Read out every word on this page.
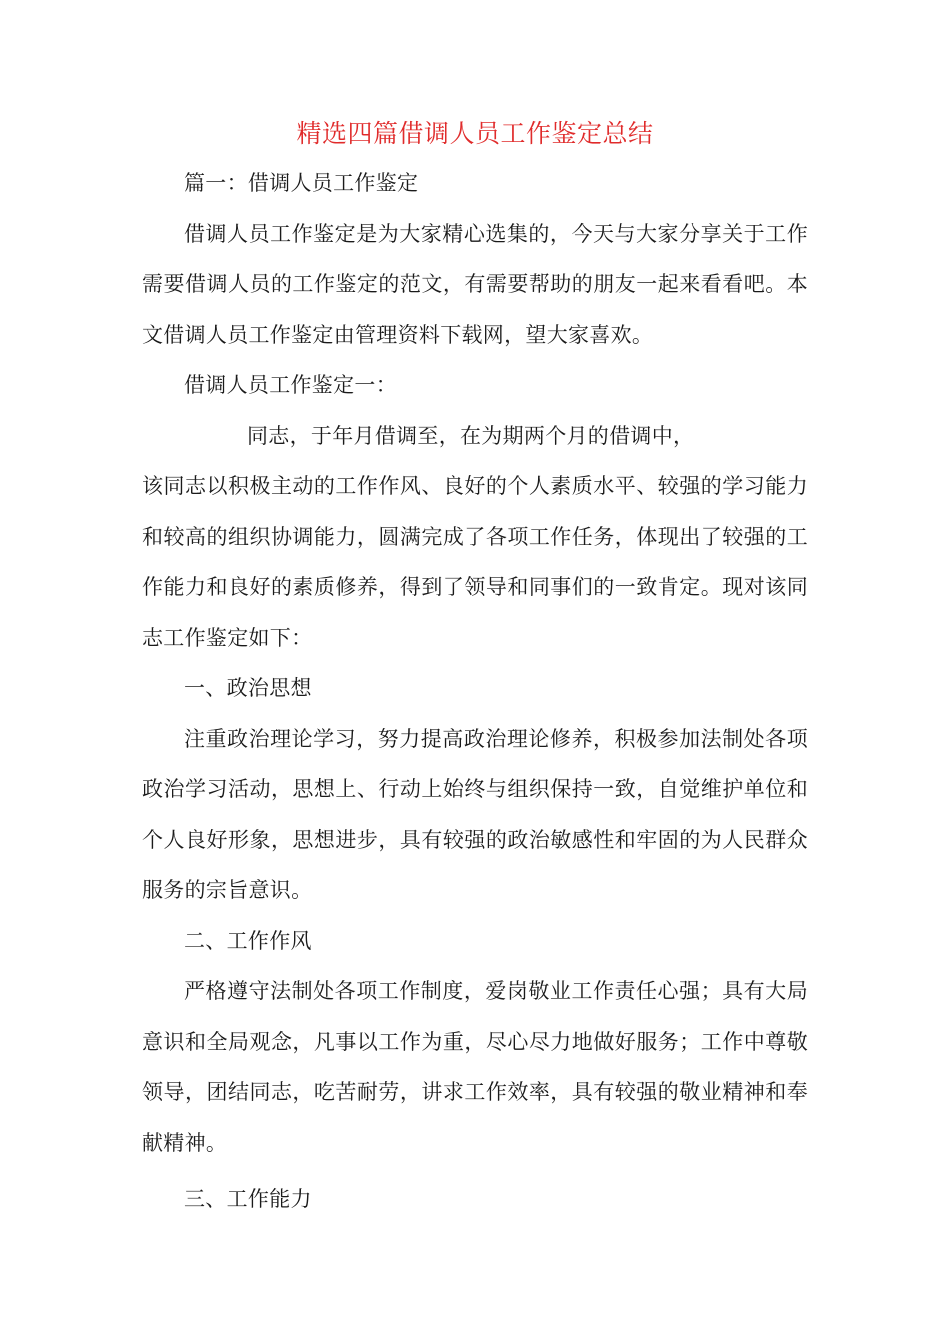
精选四篇借调人员工作鉴定总结

篇一：借调人员工作鉴定

借调人员工作鉴定是为大家精心选集的，今天与大家分享关于工作需要借调人员的工作鉴定的范文，有需要帮助的朋友一起来看看吧。本文借调人员工作鉴定由管理资料下载网，望大家喜欢。

借调人员工作鉴定一：

同志，于年月借调至，在为期两个月的借调中，

该同志以积极主动的工作作风、良好的个人素质水平、较强的学习能力和较高的组织协调能力，圆满完成了各项工作任务，体现出了较强的工作能力和良好的素质修养，得到了领导和同事们的一致肯定。现对该同志工作鉴定如下：

一、政治思想

注重政治理论学习，努力提高政治理论修养，积极参加法制处各项政治学习活动，思想上、行动上始终与组织保持一致，自觉维护单位和个人良好形象，思想进步，具有较强的政治敏感性和牢固的为人民群众服务的宗旨意识。

二、工作作风

严格遵守法制处各项工作制度，爱岗敬业工作责任心强；具有大局意识和全局观念，凡事以工作为重，尽心尽力地做好服务；工作中尊敬领导，团结同志，吃苦耐劳，讲求工作效率，具有较强的敬业精神和奉献精神。

三、工作能力
